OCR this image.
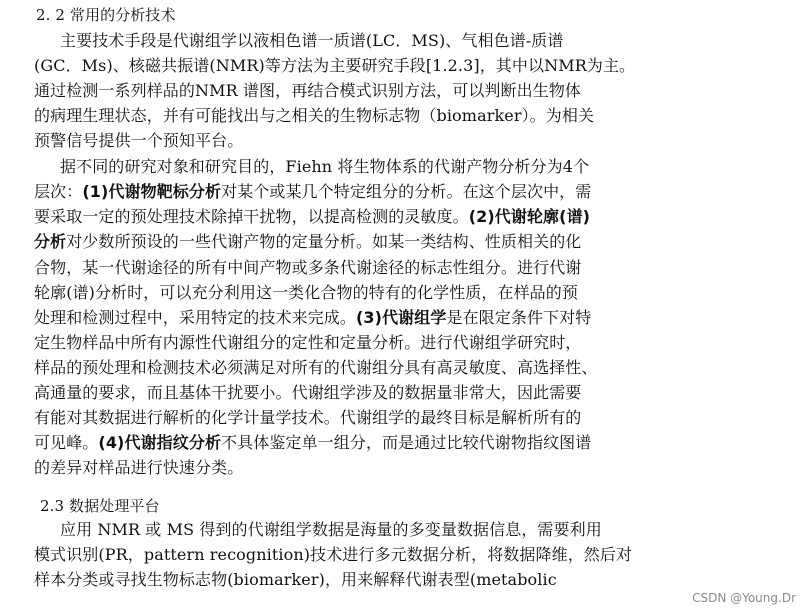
2. 2 常用的分析技术
主要技术手段是代谢组学以液相色谱一质谱(LC．MS)、气相色谱-质谱
(GC．Ms)、核磁共振谱(NMR)等方法为主要研究手段[1.2.3]，其中以NMR为主。
通过检测一系列样品的NMR 谱图，再结合模式识别方法，可以判断出生物体
的病理生理状态，并有可能找出与之相关的生物标志物（biomarker）。为相关
预警信号提供一个预知平台。
据不同的研究对象和研究目的，Fiehn 将生物体系的代谢产物分析分为4个
层次：(1)代谢物靶标分析对某个或某几个特定组分的分析。在这个层次中，需
要采取一定的预处理技术除掉干扰物，以提高检测的灵敏度。(2)代谢轮廓(谱)
分析对少数所预设的一些代谢产物的定量分析。如某一类结构、性质相关的化
合物，某一代谢途径的所有中间产物或多条代谢途径的标志性组分。进行代谢
轮廓(谱)分析时，可以充分利用这一类化合物的特有的化学性质，在样品的预
处理和检测过程中，采用特定的技术来完成。(3)代谢组学是在限定条件下对特
定生物样品中所有内源性代谢组分的定性和定量分析。进行代谢组学研究时，
样品的预处理和检测技术必须满足对所有的代谢组分具有高灵敏度、高选择性、
高通量的要求，而且基体干扰要小。代谢组学涉及的数据量非常大，因此需要
有能对其数据进行解析的化学计量学技术。代谢组学的最终目标是解析所有的
可见峰。(4)代谢指纹分析不具体鉴定单一组分，而是通过比较代谢物指纹图谱
的差异对样品进行快速分类。
2.3 数据处理平台
应用 NMR 或 MS 得到的代谢组学数据是海量的多变量数据信息，需要利用
模式识别(PR，pattern recognition)技术进行多元数据分析，将数据降维，然后对
样本分类或寻找生物标志物(biomarker)，用来解释代谢表型(metabolic
CSDN @Young.Dr
